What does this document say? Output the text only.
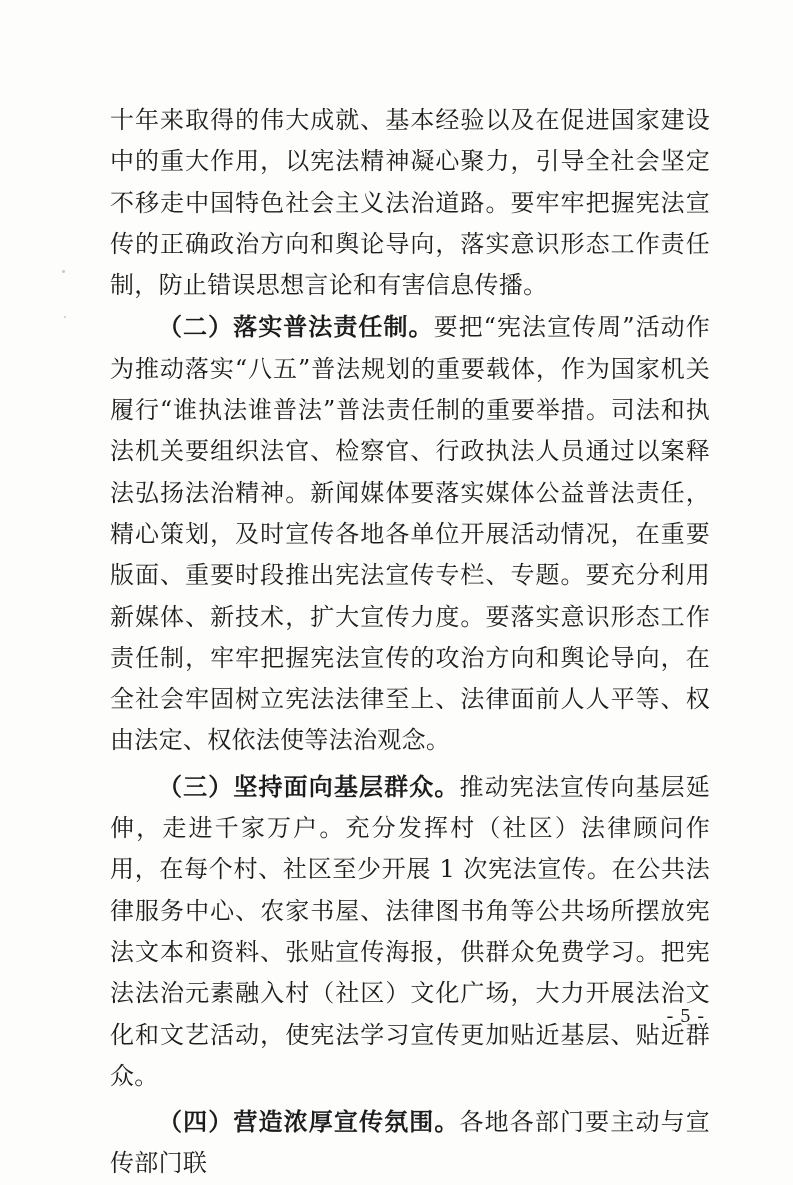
十年来取得的伟大成就、基本经验以及在促进国家建设中的重大作用，以宪法精神凝心聚力，引导全社会坚定不移走中国特色社会主义法治道路。要牢牢把握宪法宣传的正确政治方向和舆论导向，落实意识形态工作责任制，防止错误思想言论和有害信息传播。

（二）落实普法责任制。要把“宪法宣传周”活动作为推动落实“八五”普法规划的重要载体，作为国家机关履行“谁执法谁普法”普法责任制的重要举措。司法和执法机关要组织法官、检察官、行政执法人员通过以案释法弘扬法治精神。新闻媒体要落实媒体公益普法责任，精心策划，及时宣传各地各单位开展活动情况，在重要版面、重要时段推出宪法宣传专栏、专题。要充分利用新媒体、新技术，扩大宣传力度。要落实意识形态工作责任制，牢牢把握宪法宣传的攻治方向和舆论导向，在全社会牢固树立宪法法律至上、法律面前人人平等、权由法定、权依法使等法治观念。

（三）坚持面向基层群众。推动宪法宣传向基层延伸，走进千家万户。充分发挥村（社区）法律顾问作用，在每个村、社区至少开展 1 次宪法宣传。在公共法律服务中心、农家书屋、法律图书角等公共场所摆放宪法文本和资料、张贴宣传海报，供群众免费学习。把宪法法治元素融入村（社区）文化广场，大力开展法治文化和文艺活动，使宪法学习宣传更加贴近基层、贴近群众。

（四）营造浓厚宣传氛围。各地各部门要主动与宣传部门联

- 5 -
